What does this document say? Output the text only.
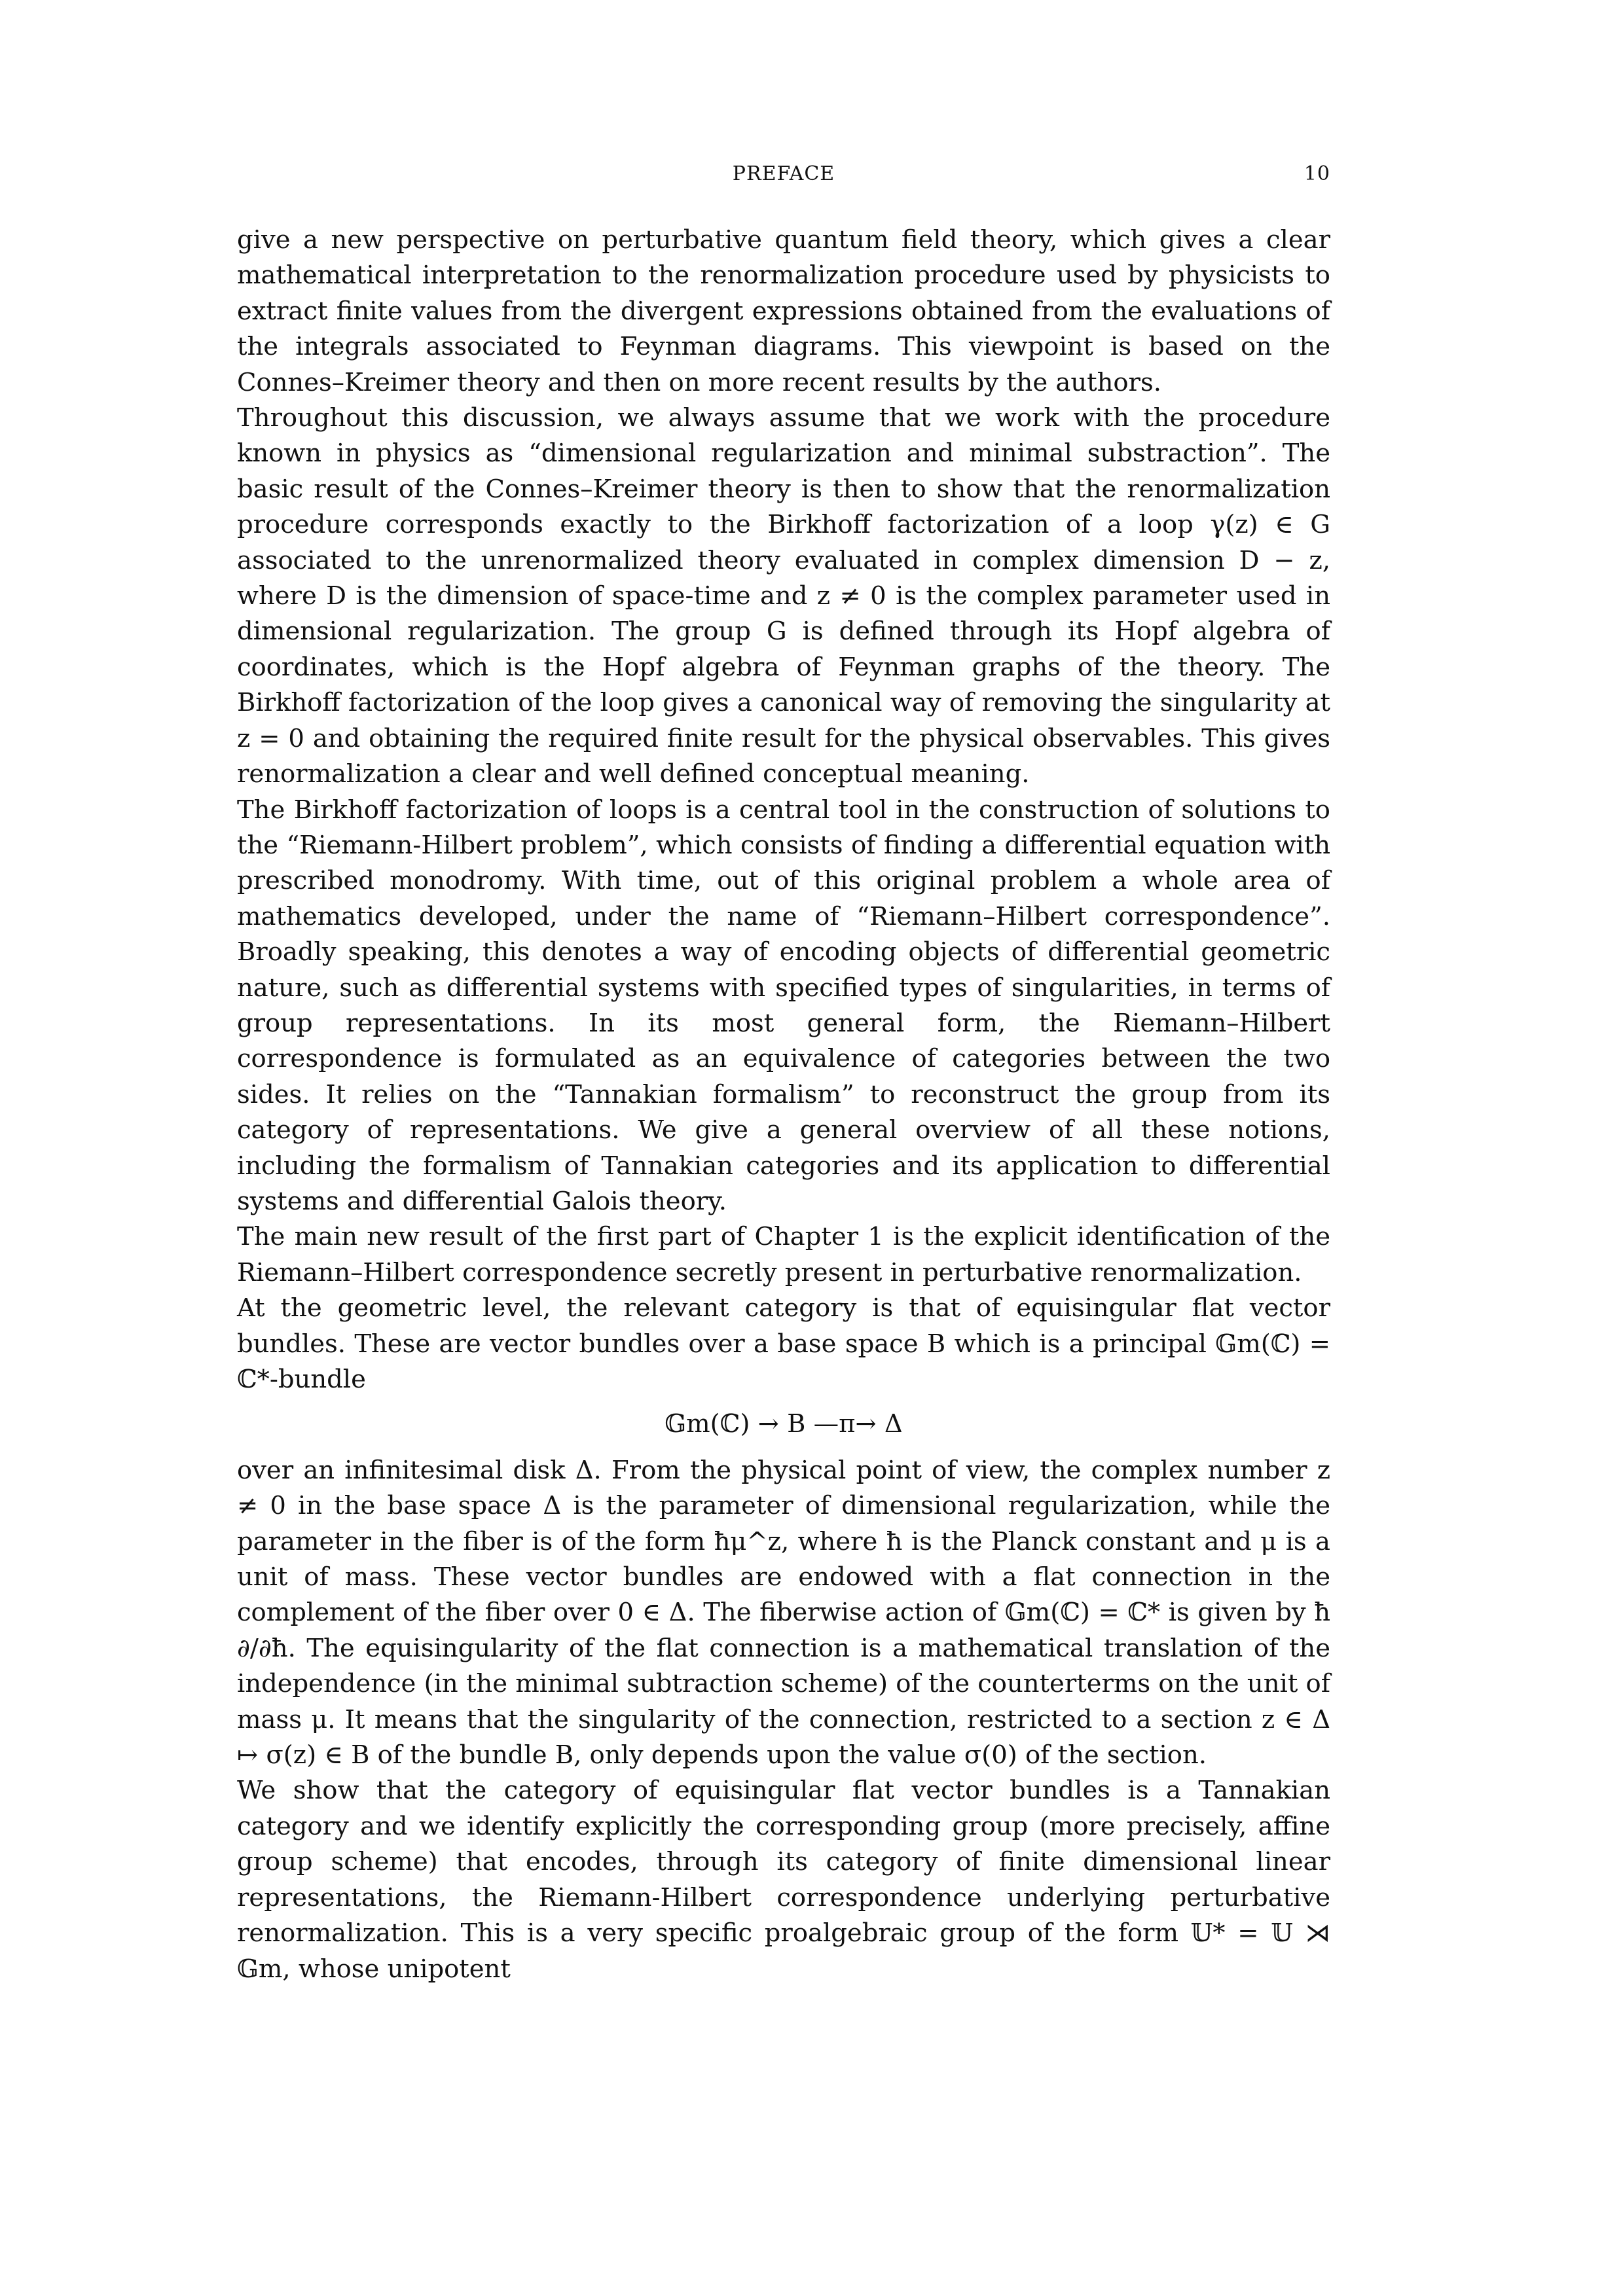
PREFACE	10

give a new perspective on perturbative quantum field theory, which gives a clear mathematical interpretation to the renormalization procedure used by physicists to extract finite values from the divergent expressions obtained from the evaluations of the integrals associated to Feynman diagrams. This viewpoint is based on the Connes–Kreimer theory and then on more recent results by the authors.

Throughout this discussion, we always assume that we work with the procedure known in physics as “dimensional regularization and minimal substraction”. The basic result of the Connes–Kreimer theory is then to show that the renormalization procedure corresponds exactly to the Birkhoff factorization of a loop γ(z) ∈ G associated to the unrenormalized theory evaluated in complex dimension D − z, where D is the dimension of space-time and z ≠ 0 is the complex parameter used in dimensional regularization. The group G is defined through its Hopf algebra of coordinates, which is the Hopf algebra of Feynman graphs of the theory. The Birkhoff factorization of the loop gives a canonical way of removing the singularity at z = 0 and obtaining the required finite result for the physical observables. This gives renormalization a clear and well defined conceptual meaning.

The Birkhoff factorization of loops is a central tool in the construction of solutions to the “Riemann-Hilbert problem”, which consists of finding a differential equation with prescribed monodromy. With time, out of this original problem a whole area of mathematics developed, under the name of “Riemann–Hilbert correspondence”. Broadly speaking, this denotes a way of encoding objects of differential geometric nature, such as differential systems with specified types of singularities, in terms of group representations. In its most general form, the Riemann–Hilbert correspondence is formulated as an equivalence of categories between the two sides. It relies on the “Tannakian formalism” to reconstruct the group from its category of representations. We give a general overview of all these notions, including the formalism of Tannakian categories and its application to differential systems and differential Galois theory.

The main new result of the first part of Chapter 1 is the explicit identification of the Riemann–Hilbert correspondence secretly present in perturbative renormalization.

At the geometric level, the relevant category is that of equisingular flat vector bundles. These are vector bundles over a base space B which is a principal 𝔾m(ℂ) = ℂ*-bundle

𝔾m(ℂ) → B —π→ Δ

over an infinitesimal disk Δ. From the physical point of view, the complex number z ≠ 0 in the base space Δ is the parameter of dimensional regularization, while the parameter in the fiber is of the form ħμ^z, where ħ is the Planck constant and μ is a unit of mass. These vector bundles are endowed with a flat connection in the complement of the fiber over 0 ∈ Δ. The fiberwise action of 𝔾m(ℂ) = ℂ* is given by ħ ∂/∂ħ. The equisingularity of the flat connection is a mathematical translation of the independence (in the minimal subtraction scheme) of the counterterms on the unit of mass μ. It means that the singularity of the connection, restricted to a section z ∈ Δ ↦ σ(z) ∈ B of the bundle B, only depends upon the value σ(0) of the section.

We show that the category of equisingular flat vector bundles is a Tannakian category and we identify explicitly the corresponding group (more precisely, affine group scheme) that encodes, through its category of finite dimensional linear representations, the Riemann-Hilbert correspondence underlying perturbative renormalization. This is a very specific proalgebraic group of the form 𝕌* = 𝕌 ⋊ 𝔾m, whose unipotent
